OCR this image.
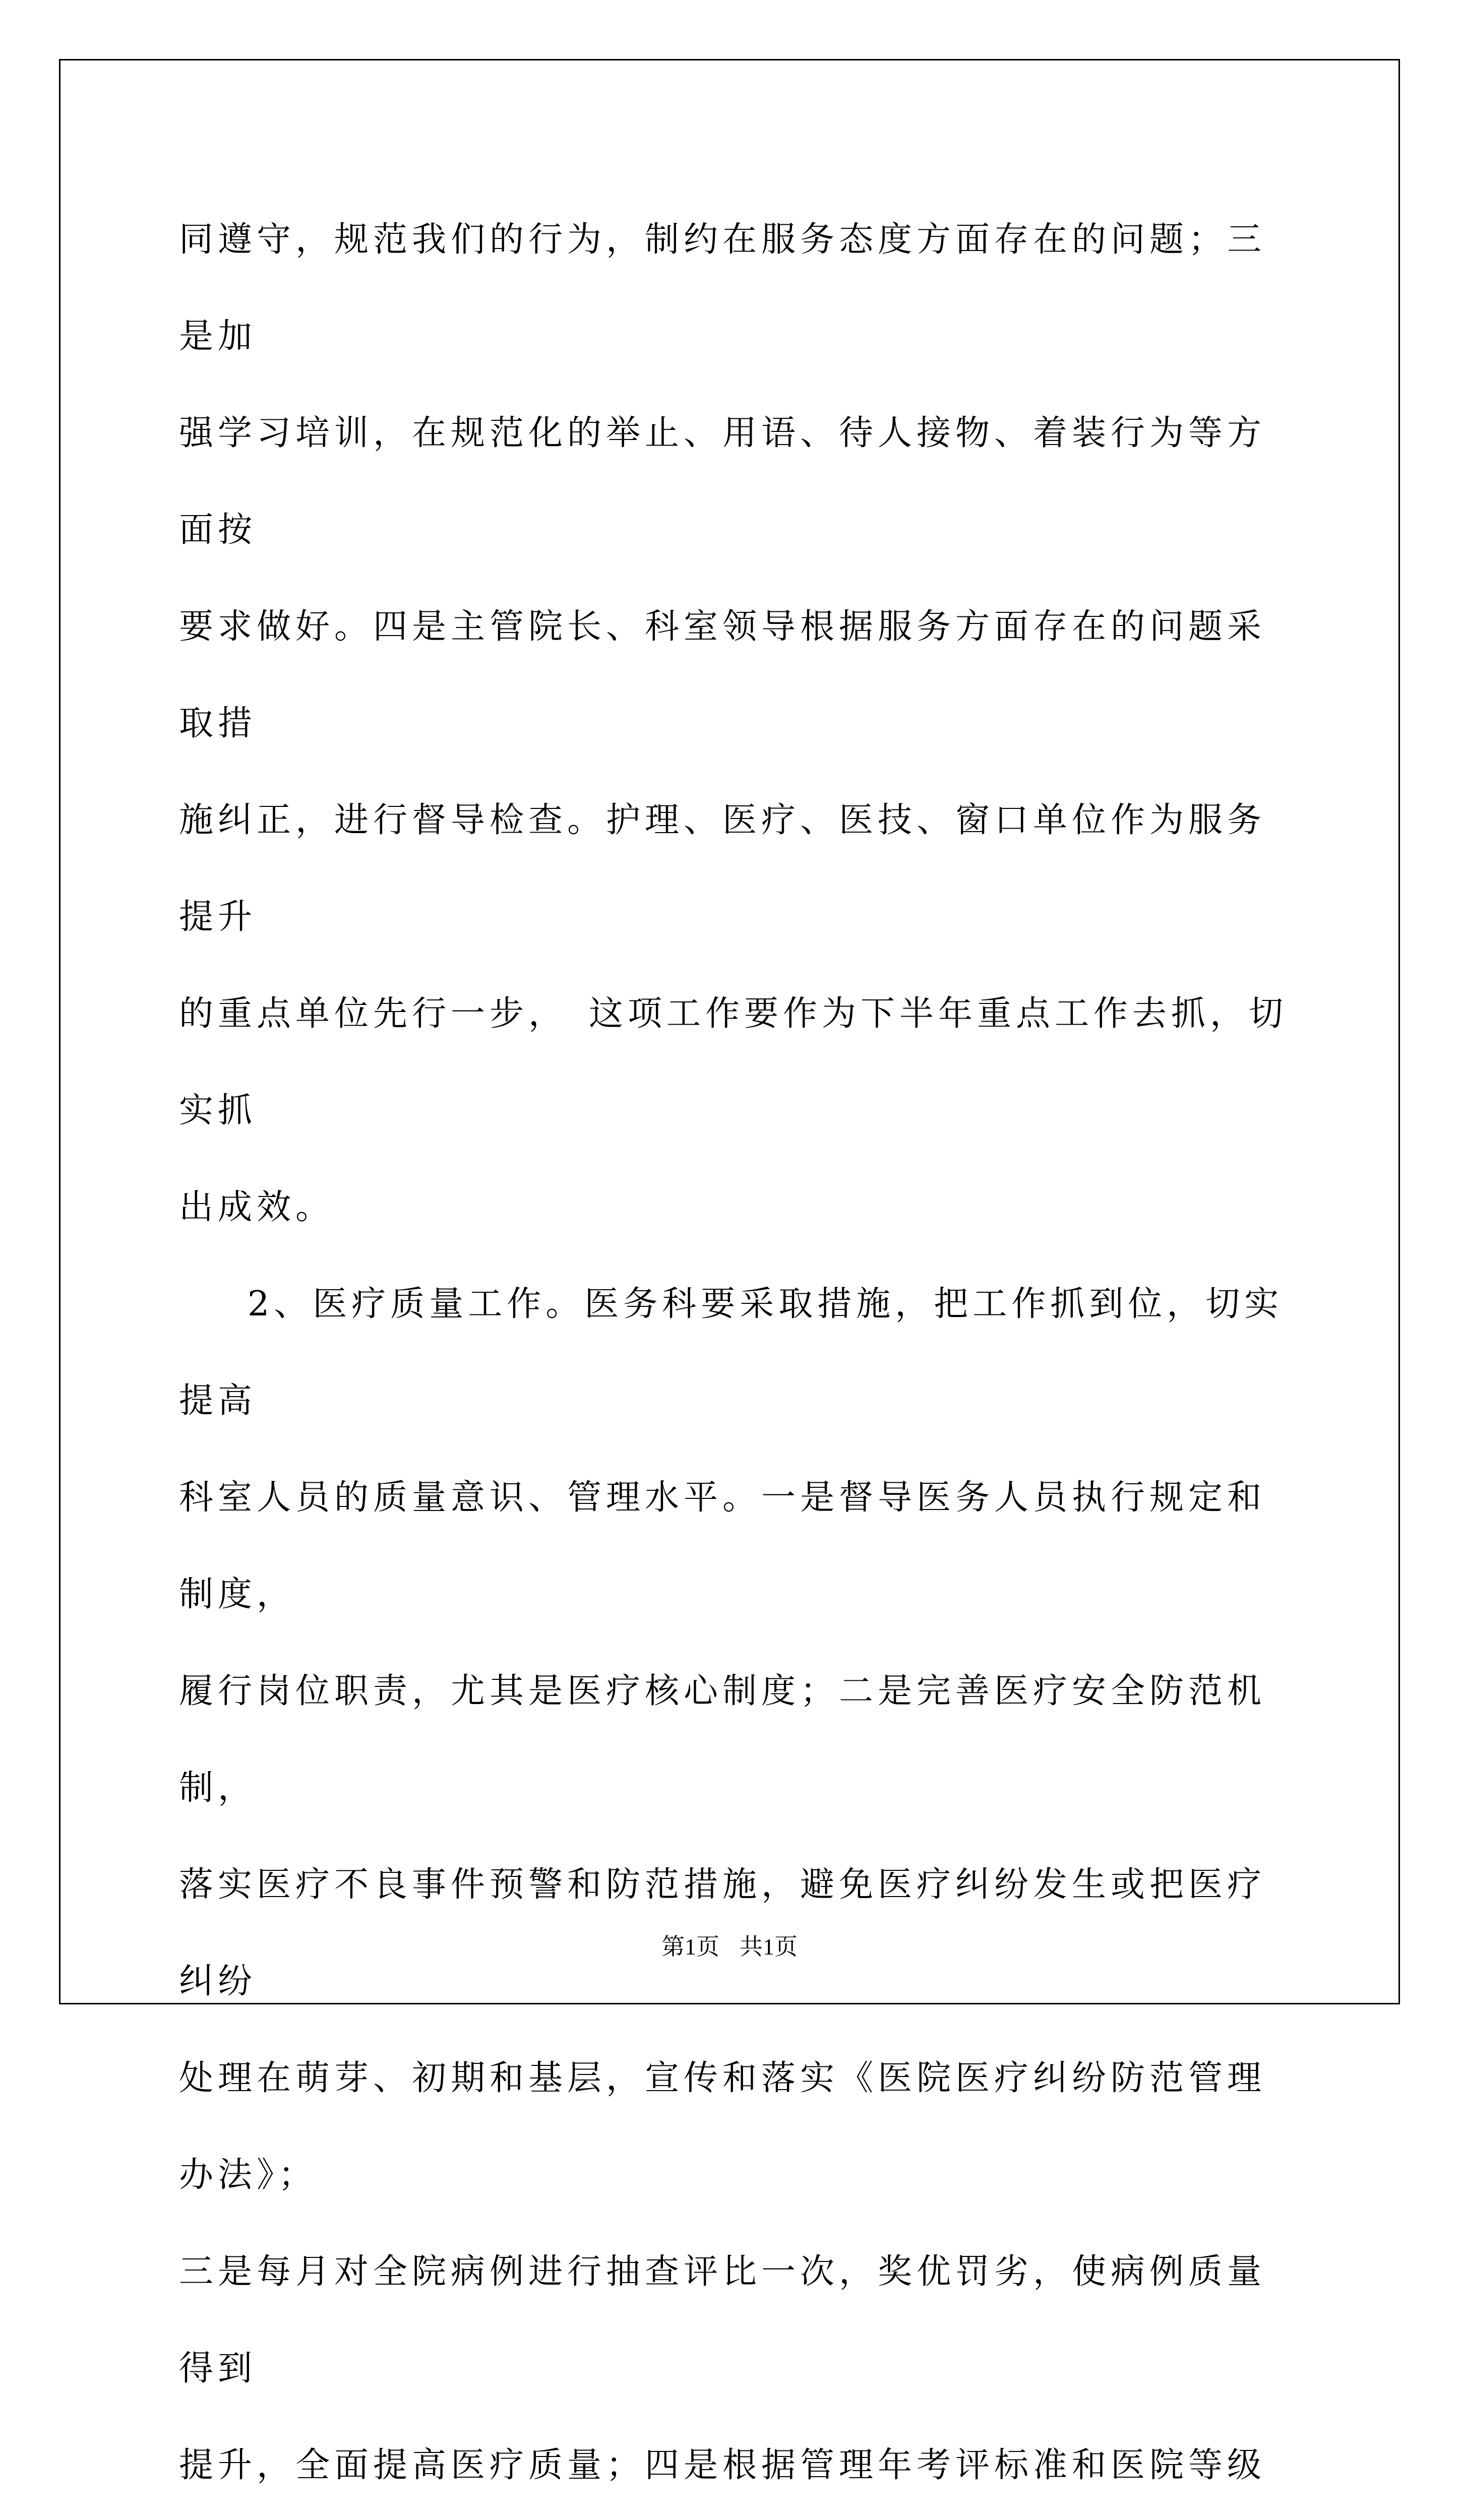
同遵守，规范我们的行为，制约在服务态度方面存在的问题；三是加
强学习培训，在规范化的举止、用语、待人接物、着装行为等方面按
要求做好。四是主管院长、科室领导根据服务方面存在的问题采取措
施纠正，进行督导检查。护理、医疗、医技、窗口单位作为服务提升
的重点单位先行一步，　这项工作要作为下半年重点工作去抓，切实抓
出成效。

2、医疗质量工作。医务科要采取措施，把工作抓到位，切实提高
科室人员的质量意识、管理水平。一是督导医务人员执行规定和制度，
履行岗位职责，尤其是医疗核心制度；二是完善医疗安全防范机制，
落实医疗不良事件预警和防范措施，避免医疗纠纷发生或把医疗纠纷
处理在萌芽、初期和基层，宣传和落实《医院医疗纠纷防范管理办法》；
三是每月对全院病例进行抽查评比一次，奖优罚劣，使病例质量得到
提升，全面提高医疗质量；四是根据管理年考评标准和医院等级

第1页 共1页
